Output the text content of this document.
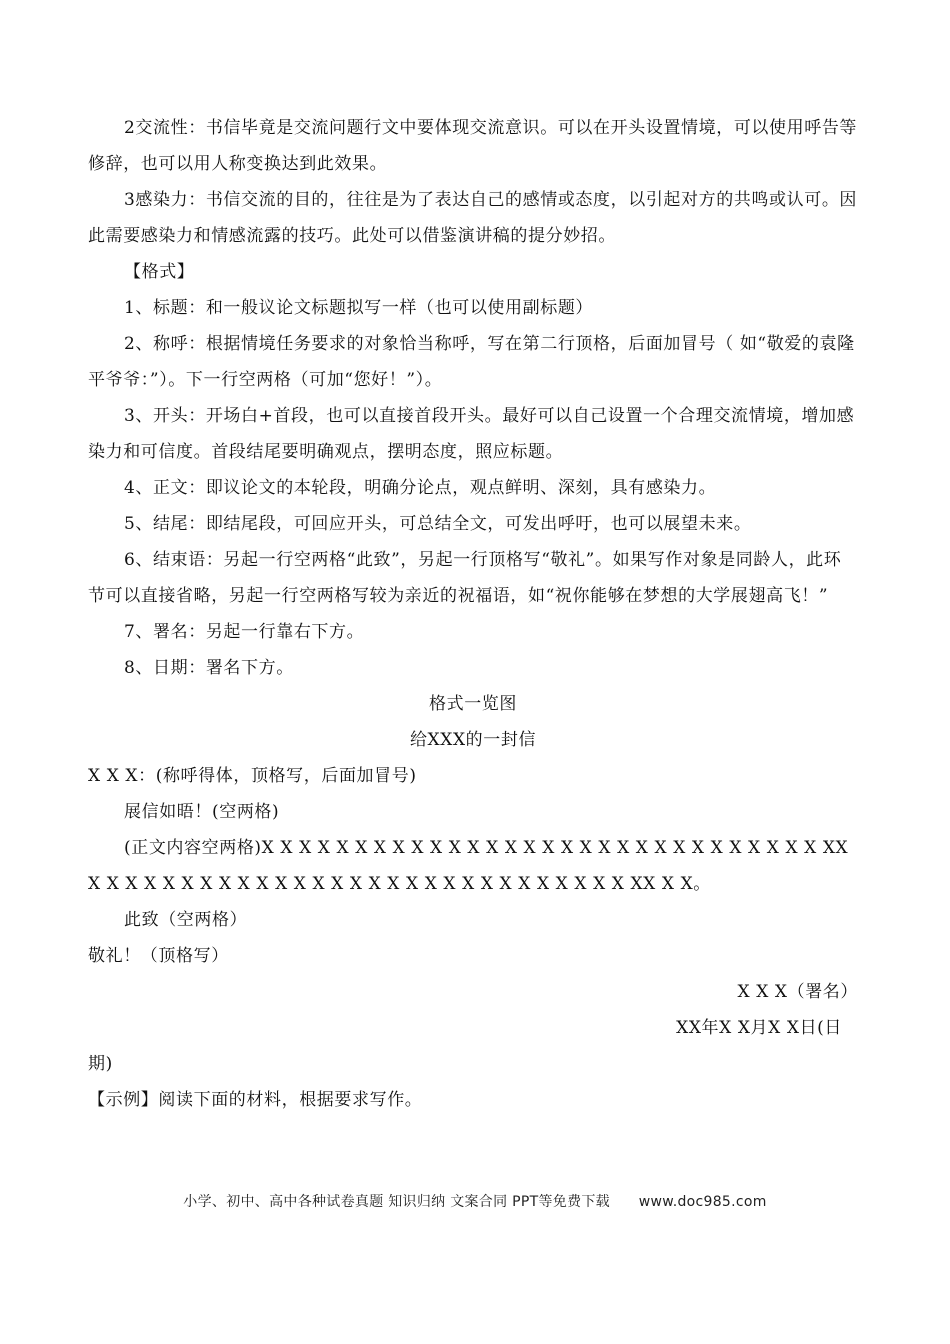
2交流性：书信毕竟是交流问题行文中要体现交流意识。可以在开头设置情境，可以使用呼告等修辞，也可以用人称变换达到此效果。

3感染力：书信交流的目的，往往是为了表达自己的感情或态度，以引起对方的共鸣或认可。因此需要感染力和情感流露的技巧。此处可以借鉴演讲稿的提分妙招。

【格式】

1、标题：和一般议论文标题拟写一样（也可以使用副标题）

2、称呼：根据情境任务要求的对象恰当称呼，写在第二行顶格，后面加冒号（ 如“敬爱的袁隆平爷爷：”）。下一行空两格（可加“您好！”）。

3、开头：开场白+首段，也可以直接首段开头。最好可以自己设置一个合理交流情境，增加感染力和可信度。首段结尾要明确观点，摆明态度，照应标题。

4、正文：即议论文的本轮段，明确分论点，观点鲜明、深刻，具有感染力。

5、结尾：即结尾段，可回应开头，可总结全文，可发出呼吁，也可以展望未来。

6、结束语：另起一行空两格“此致”，另起一行顶格写“敬礼”。如果写作对象是同龄人，此环节可以直接省略，另起一行空两格写较为亲近的祝福语，如“祝你能够在梦想的大学展翅高飞！”

7、署名：另起一行靠右下方。

8、日期：署名下方。

格式一览图

给XXX的一封信

X X X：(称呼得体，顶格写，后面加冒号)

展信如晤！(空两格)

(正文内容空两格)X X X X X X X X X X X X X X X X X X X X X X X X X X X X X X XX X X X X X X X X X X X X X X X X X X X X X X X X X X X X X XX X X。

此致（空两格）

敬礼！（顶格写）

X X X（署名）

XX年X X月X X日(日

期)

【示例】阅读下面的材料，根据要求写作。

小学、初中、高中各种试卷真题 知识归纳 文案合同 PPT等免费下载 www.doc985.com
